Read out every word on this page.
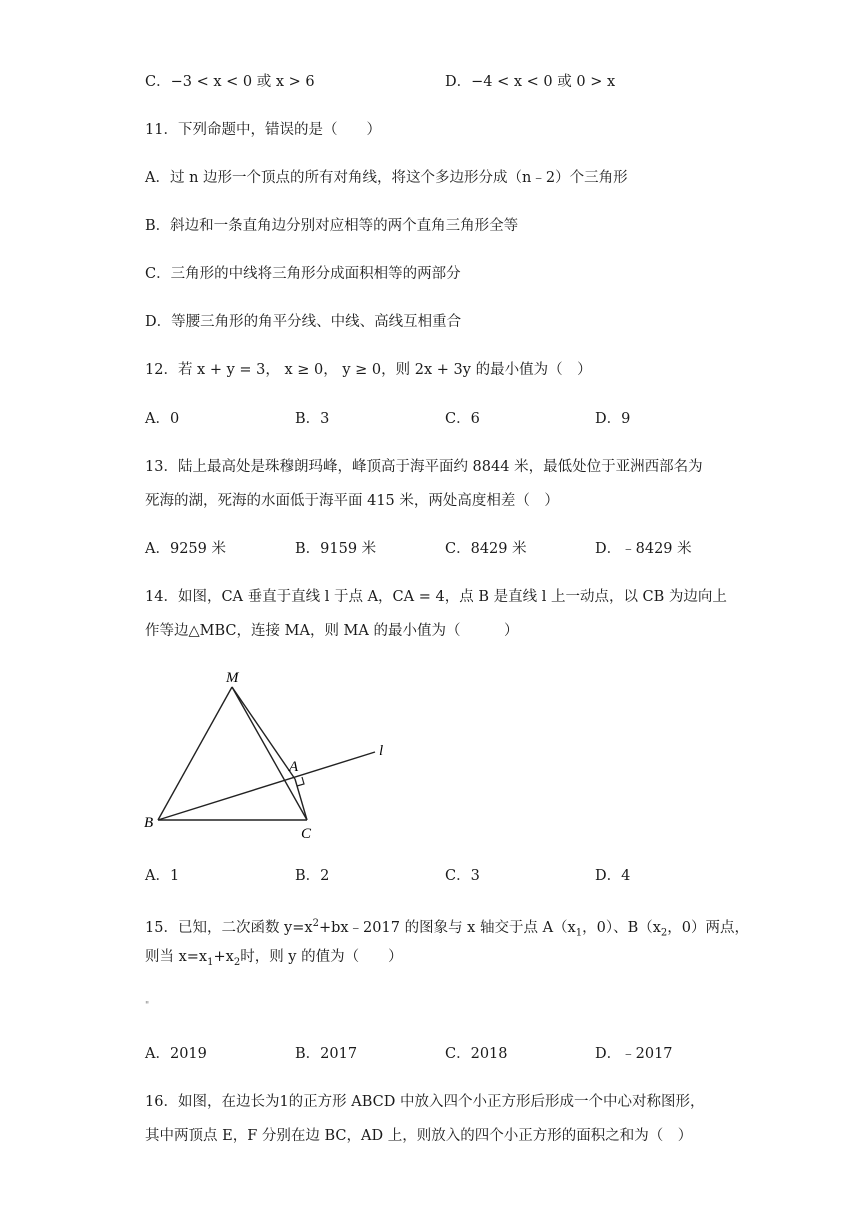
C．−3 < x < 0 或 x > 6	D．−4 < x < 0 或 0 > x
11．下列命题中，错误的是（　　）
A．过 n 边形一个顶点的所有对角线，将这个多边形分成（n﹣2）个三角形
B．斜边和一条直角边分别对应相等的两个直角三角形全等
C．三角形的中线将三角形分成面积相等的两部分
D．等腰三角形的角平分线、中线、高线互相重合
12．若 x + y = 3， x ≥ 0， y ≥ 0，则 2x + 3y 的最小值为（　）
A．0	B．3	C．6	D．9
13．陆上最高处是珠穆朗玛峰，峰顶高于海平面约 8844 米，最低处位于亚洲西部名为
死海的湖，死海的水面低于海平面 415 米，两处高度相差（　）
A．9259 米	B．9159 米	C．8429 米	D．﹣8429 米
14．如图，CA 垂直于直线 l 于点 A，CA = 4，点 B 是直线 l 上一动点，以 CB 为边向上
作等边△MBC，连接 MA，则 MA 的最小值为（　　　）
M
A
B
C
l
A．1	B．2	C．3	D．4
15．已知，二次函数 $y=x^2+bx﹣2017$ 的图象与 x 轴交于点 $A(x_1$，0）、$B(x_2$，0）两点，
则当 $x=x_1+x_2$时，则 y 的值为（　　）
"
A．2019	B．2017	C．2018	D．﹣2017
16．如图，在边长为1的正方形 ABCD 中放入四个小正方形后形成一个中心对称图形，
其中两顶点 E，F 分别在边 BC，AD 上，则放入的四个小正方形的面积之和为（　）
